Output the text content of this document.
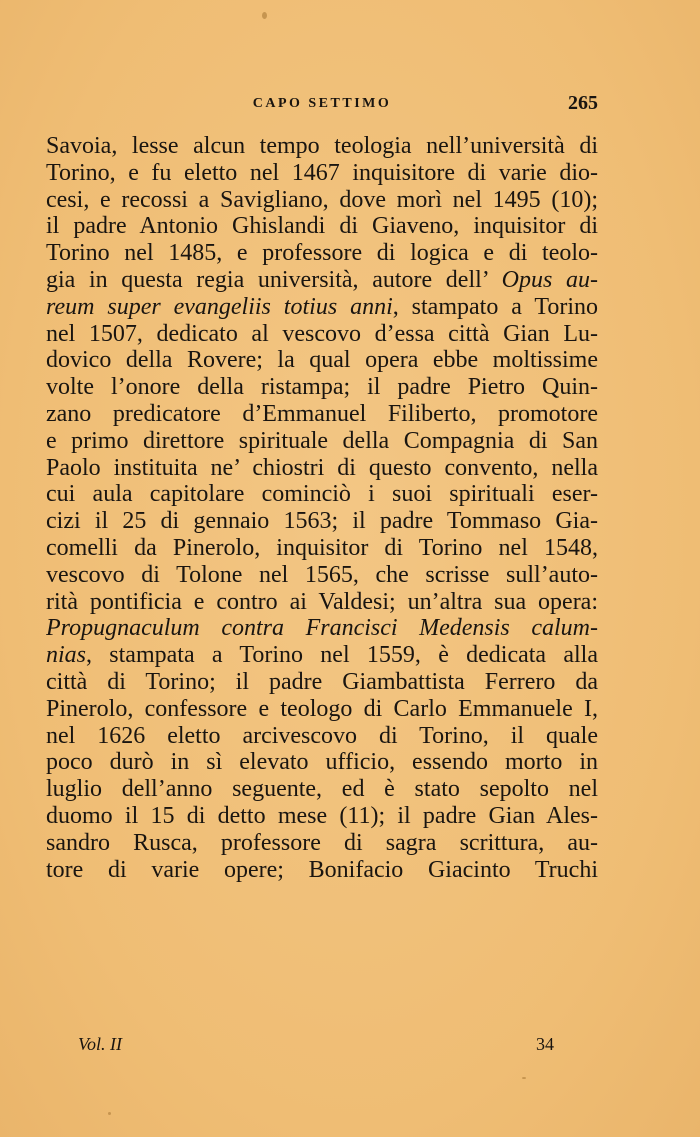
CAPO SETTIMO	265
Savoia, lesse alcun tempo teologia nell’università di
Torino, e fu eletto nel 1467 inquisitore di varie dio-
cesi, e recossi a Savigliano, dove morì nel 1495 (10);
il padre Antonio Ghislandi di Giaveno, inquisitor di
Torino nel 1485, e professore di logica e di teolo-
gia in questa regia università, autore dell’ Opus au-
reum super evangeliis totius anni, stampato a Torino
nel 1507, dedicato al vescovo d’essa città Gian Lu-
dovico della Rovere; la qual opera ebbe moltissime
volte l’onore della ristampa; il padre Pietro Quin-
zano predicatore d’Emmanuel Filiberto, promotore
e primo direttore spirituale della Compagnia di San
Paolo instituita ne’ chiostri di questo convento, nella
cui aula capitolare cominciò i suoi spirituali eser-
cizi il 25 di gennaio 1563; il padre Tommaso Gia-
comelli da Pinerolo, inquisitor di Torino nel 1548,
vescovo di Tolone nel 1565, che scrisse sull’auto-
rità pontificia e contro ai Valdesi; un’altra sua opera:
Propugnaculum contra Francisci Medensis calum-
nias, stampata a Torino nel 1559, è dedicata alla
città di Torino; il padre Giambattista Ferrero da
Pinerolo, confessore e teologo di Carlo Emmanuele I,
nel 1626 eletto arcivescovo di Torino, il quale
poco durò in sì elevato ufficio, essendo morto in
luglio dell’anno seguente, ed è stato sepolto nel
duomo il 15 di detto mese (11); il padre Gian Ales-
sandro Rusca, professore di sagra scrittura, au-
tore di varie opere; Bonifacio Giacinto Truchi
Vol. II	34
